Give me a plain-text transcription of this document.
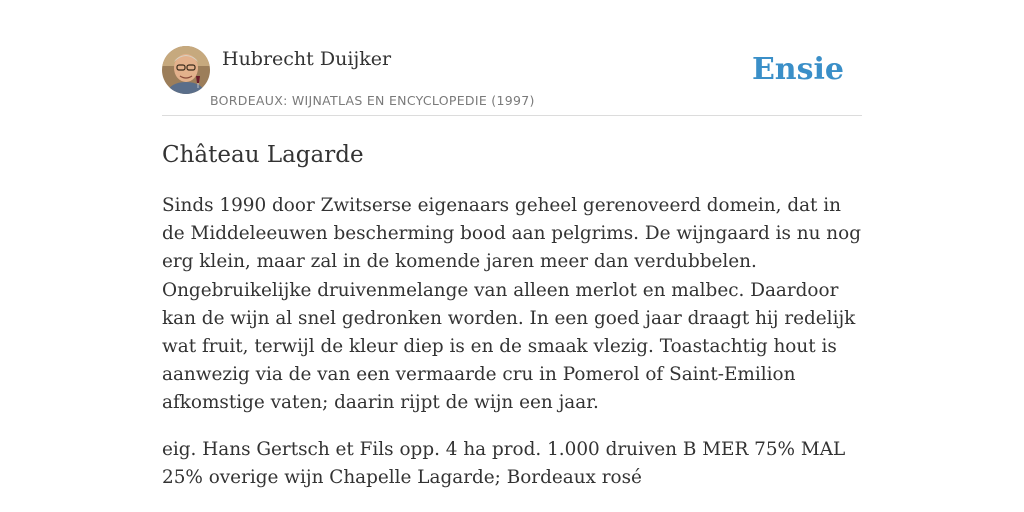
Hubrecht Duijker
BORDEAUX: WIJNATLAS EN ENCYCLOPEDIE (1997)
Ensie
Château Lagarde

Sinds 1990 door Zwitserse eigenaars geheel gerenoveerd domein, dat in de Middeleeuwen bescherming bood aan pelgrims. De wijngaard is nu nog erg klein, maar zal in de komende jaren meer dan verdubbelen. Ongebruikelijke druivenmelange van alleen merlot en malbec. Daardoor kan de wijn al snel gedronken worden. In een goed jaar draagt hij redelijk wat fruit, terwijl de kleur diep is en de smaak vlezig. Toastachtig hout is aanwezig via de van een vermaarde cru in Pomerol of Saint-Emilion afkomstige vaten; daarin rijpt de wijn een jaar.

eig. Hans Gertsch et Fils opp. 4 ha prod. 1.000 druiven B MER 75% MAL 25% overige wijn Chapelle Lagarde; Bordeaux rosé
